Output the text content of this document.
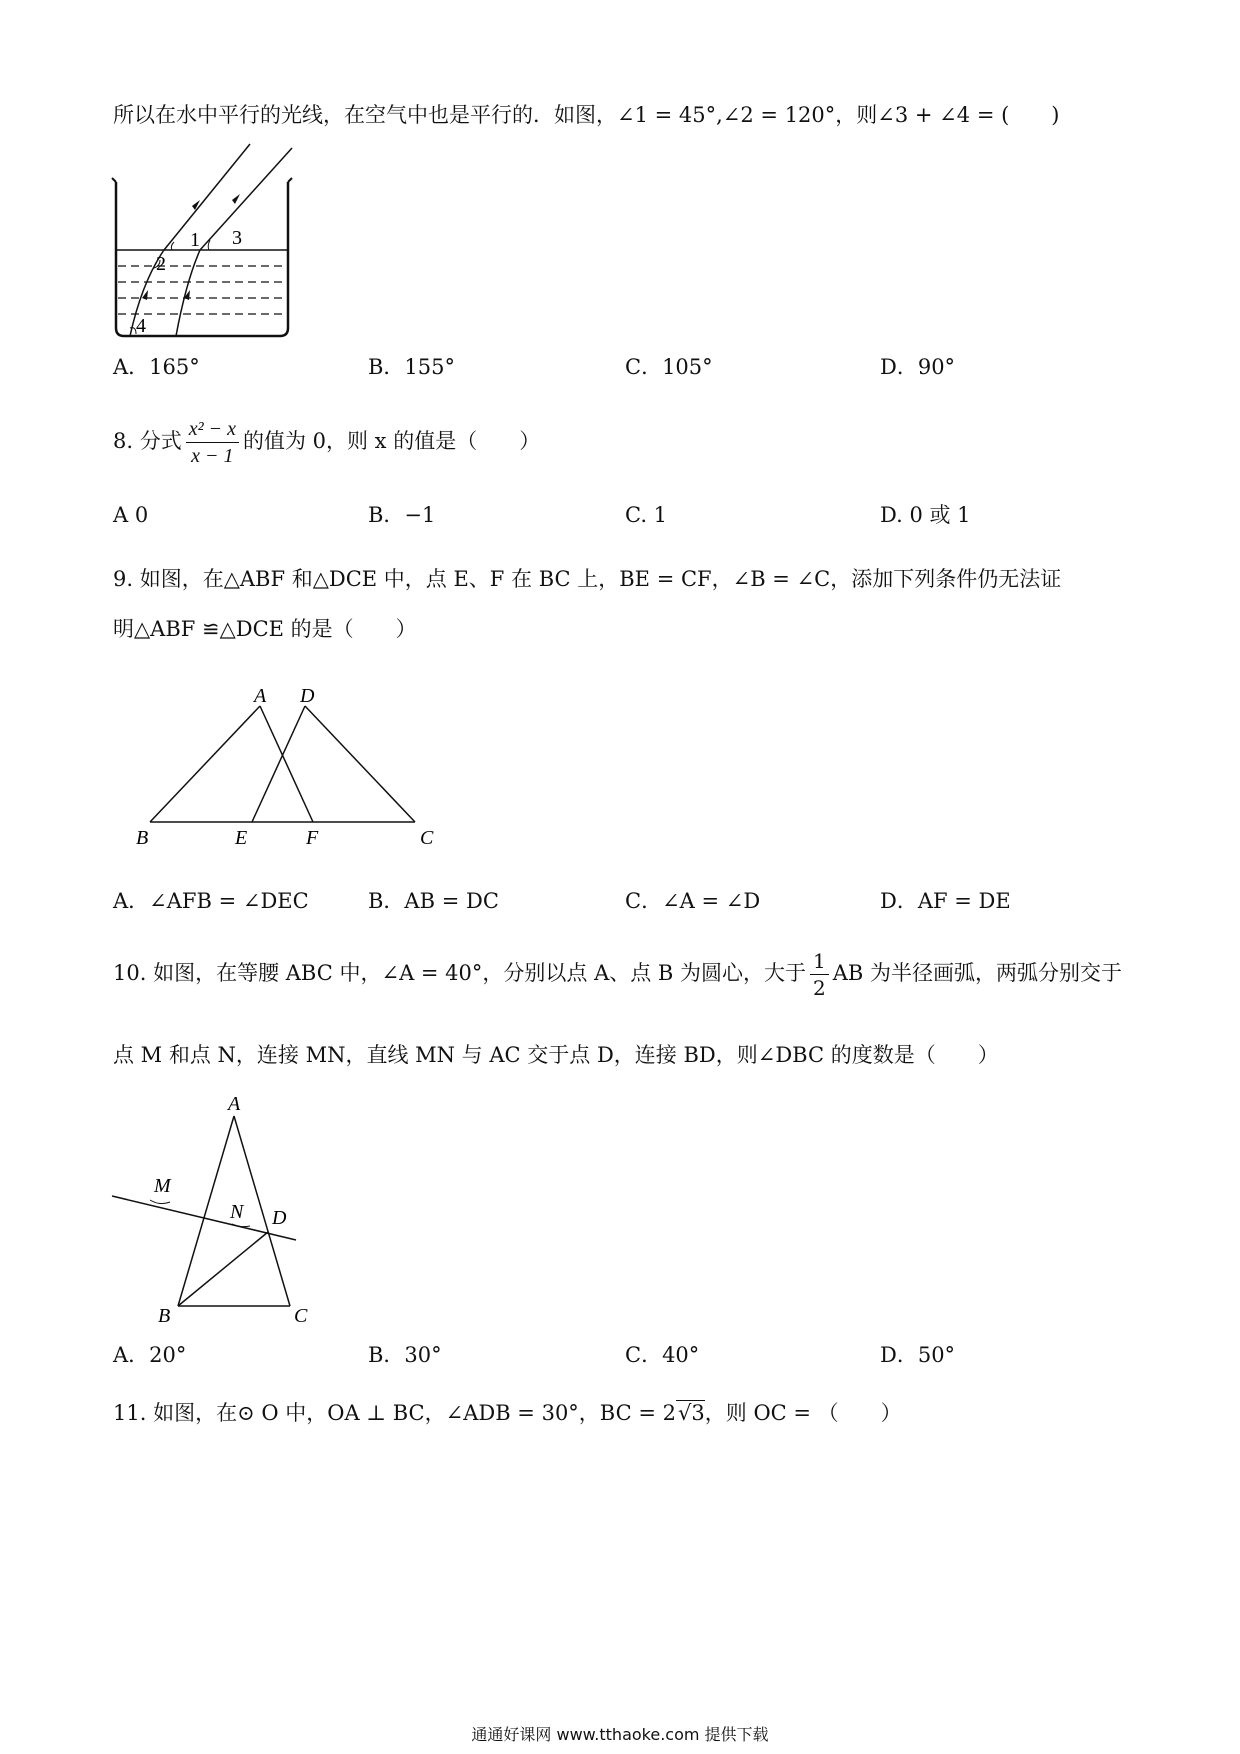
所以在水中平行的光线，在空气中也是平行的．如图，∠1 = 45°,∠2 = 120°，则∠3 + ∠4 = (　　)
1
2
3
4
A．165°	B．155°	C．105°	D．90°
8. 分式 $\frac{\text{x² − x}}{x - 1}$ 的值为 0，则 x 的值是（　　）
A 0	B．−1	C. 1	D. 0 或 1
9. 如图，在△ABF 和△DCE 中，点 E、F 在 BC 上，BE = CF，∠B = ∠C，添加下列条件仍无法证
明△ABF ≌△DCE 的是（　　）
A D
B	E	F	C
A．∠AFB = ∠DEC	B．AB = DC	C．∠A = ∠D	D．AF = DE
10. 如图，在等腰 ABC 中，∠A = 40°，分别以点 A、点 B 为圆心，大于 $\frac{1}{2}$ AB 为半径画弧，两弧分别交于
点 M 和点 N，连接 MN，直线 MN 与 AC 交于点 D，连接 BD，则∠DBC 的度数是（　　）
A
M
N D
B	C
A．20°	B．30°	C．40°	D．50°
11. 如图，在⊙ O 中，OA ⊥ BC，∠ADB = 30°，BC = 2√3，则 OC = （　　）
通通好课网 www.tthaoke.com 提供下载
